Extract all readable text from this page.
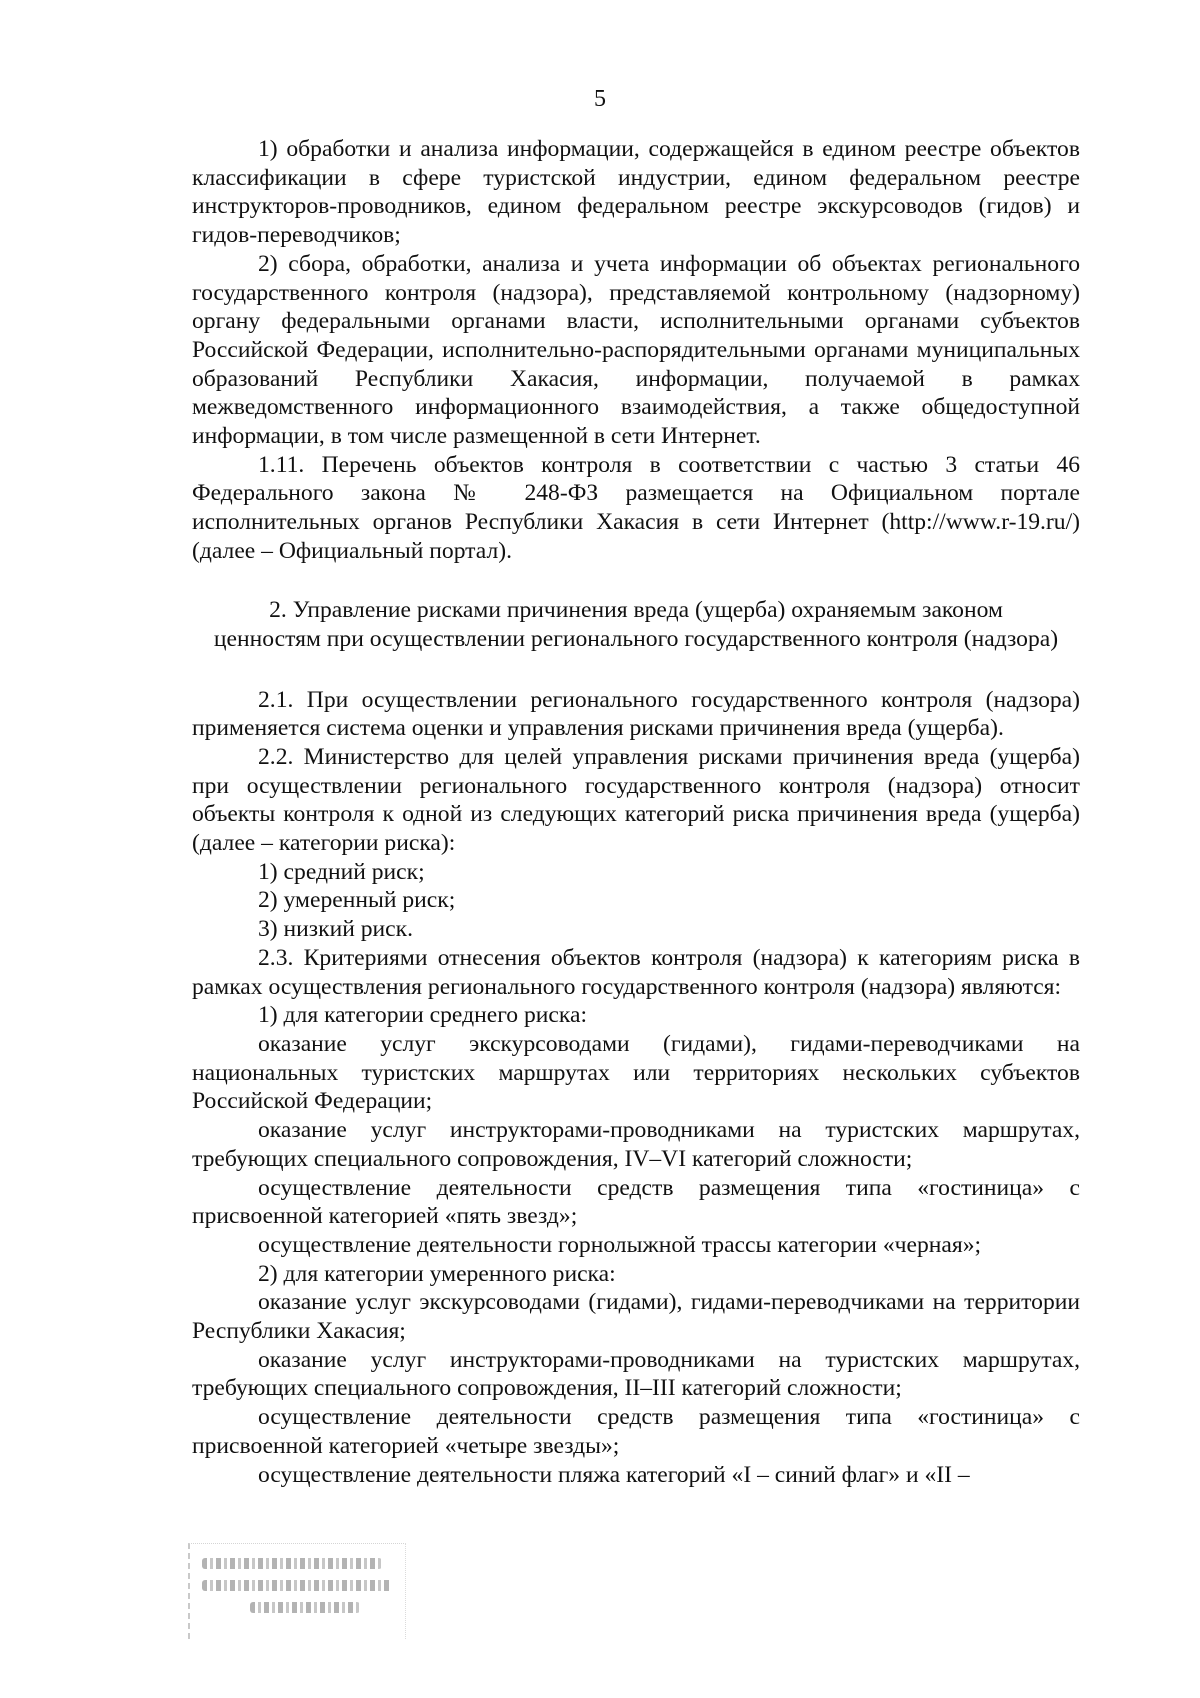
5

1) обработки и анализа информации, содержащейся в едином реестре объектов классификации в сфере туристской индустрии, едином федеральном реестре инструкторов-проводников, едином федеральном реестре экскурсоводов (гидов) и гидов-переводчиков;

2) сбора, обработки, анализа и учета информации об объектах регионального государственного контроля (надзора), представляемой контрольному (надзорному) органу федеральными органами власти, исполнительными органами субъектов Российской Федерации, исполнительно-распорядительными органами муниципальных образований Республики Хакасия, информации, получаемой в рамках межведомственного информационного взаимодействия, а также общедоступной информации, в том числе размещенной в сети Интернет.

1.11. Перечень объектов контроля в соответствии с частью 3 статьи 46 Федерального закона № 248-ФЗ размещается на Официальном портале исполнительных органов Республики Хакасия в сети Интернет (http://www.r-19.ru/) (далее – Официальный портал).

2. Управление рисками причинения вреда (ущерба) охраняемым законом
ценностям при осуществлении регионального государственного контроля (надзора)

2.1. При осуществлении регионального государственного контроля (надзора) применяется система оценки и управления рисками причинения вреда (ущерба).

2.2. Министерство для целей управления рисками причинения вреда (ущерба) при осуществлении регионального государственного контроля (надзора) относит объекты контроля к одной из следующих категорий риска причинения вреда (ущерба) (далее – категории риска):

1) средний риск;

2) умеренный риск;

3) низкий риск.

2.3. Критериями отнесения объектов контроля (надзора) к категориям риска в рамках осуществления регионального государственного контроля (надзора) являются:

1) для категории среднего риска:

оказание услуг экскурсоводами (гидами), гидами-переводчиками на национальных туристских маршрутах или территориях нескольких субъектов Российской Федерации;

оказание услуг инструкторами-проводниками на туристских маршрутах, требующих специального сопровождения, IV–VI категорий сложности;

осуществление деятельности средств размещения типа «гостиница» с присвоенной категорией «пять звезд»;

осуществление деятельности горнолыжной трассы категории «черная»;

2) для категории умеренного риска:

оказание услуг экскурсоводами (гидами), гидами-переводчиками на территории Республики Хакасия;

оказание услуг инструкторами-проводниками на туристских маршрутах, требующих специального сопровождения, II–III категорий сложности;

осуществление деятельности средств размещения типа «гостиница» с присвоенной категорией «четыре звезды»;

осуществление деятельности пляжа категорий «I – синий флаг» и «II –
